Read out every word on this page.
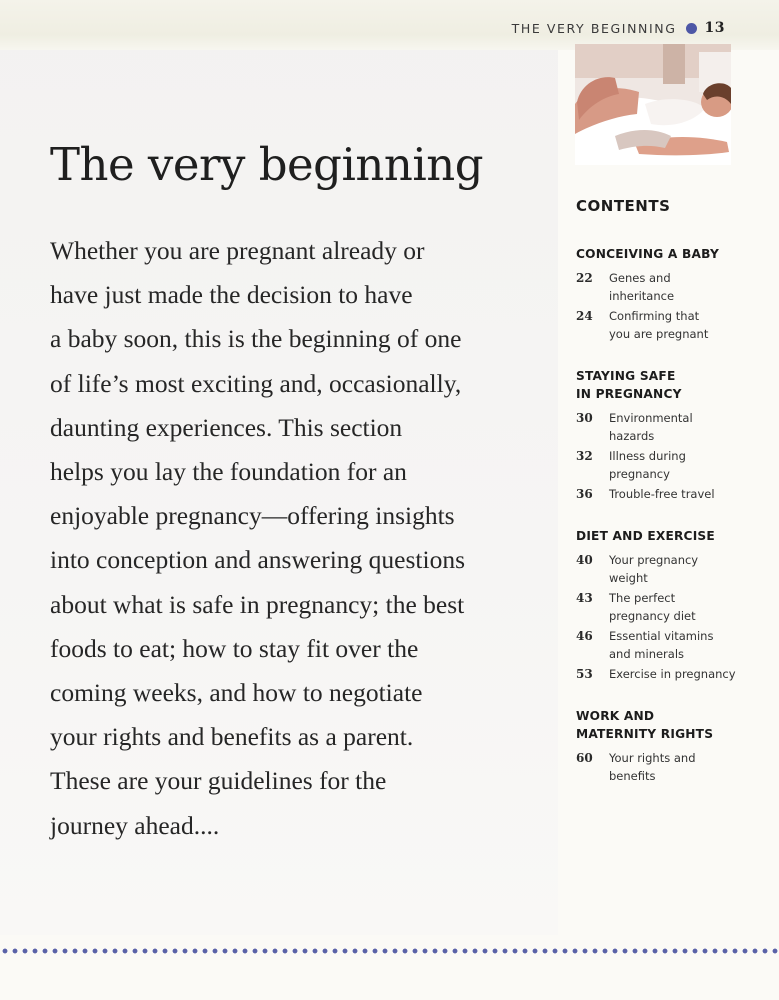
THE VERY BEGINNING 13
The very beginning

Whether you are pregnant already or
have just made the decision to have
a baby soon, this is the beginning of one
of life’s most exciting and, occasionally,
daunting experiences. This section
helps you lay the foundation for an
enjoyable pregnancy—offering insights
into conception and answering questions
about what is safe in pregnancy; the best
foods to eat; how to stay fit over the
coming weeks, and how to negotiate
your rights and benefits as a parent.
These are your guidelines for the
journey ahead....

CONTENTS
CONCEIVING A BABY
22	Genes and
inheritance
24	Confirming that
you are pregnant
STAYING SAFE
IN PREGNANCY
30	Environmental
hazards
32	Illness during
pregnancy
36	Trouble-free travel
DIET AND EXERCISE
40	Your pregnancy
weight
43	The perfect
pregnancy diet
46	Essential vitamins
and minerals
53	Exercise in pregnancy
WORK AND
MATERNITY RIGHTS
60	Your rights and
benefits
